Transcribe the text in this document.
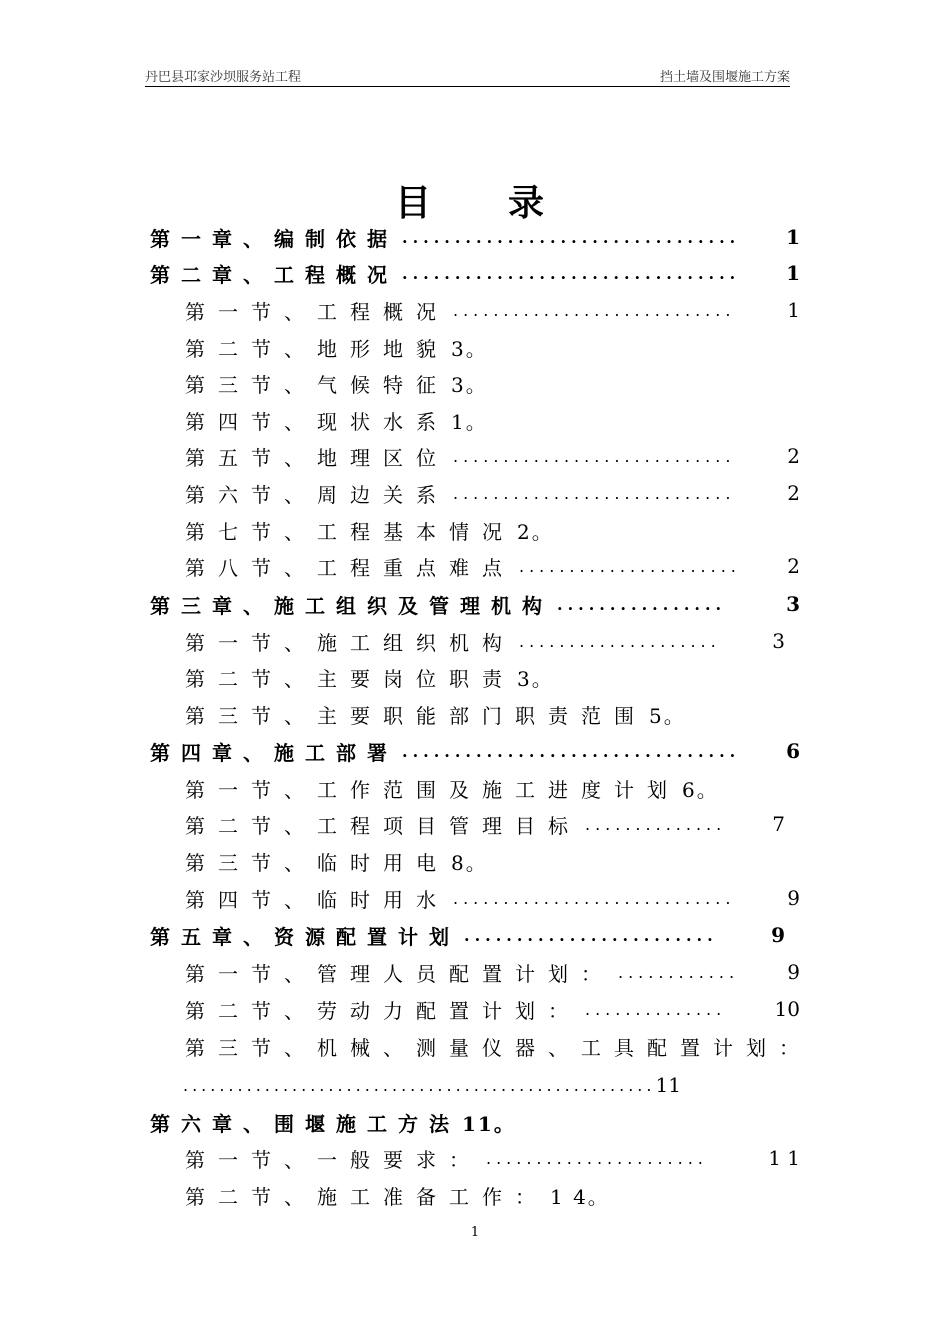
丹巴县邛家沙坝服务站工程	挡土墙及围堰施工方案
目 录
第一章、编制依据 ................................	1
第二章、工程概况 ................................	1
第一节、工程概况 ............................	1
第二节、地形地貌 3。
第三节、气候特征 3。
第四节、现状水系 1。
第五节、地理区位 ............................	2
第六节、周边关系 ............................	2
第七节、工程基本情况 2。
第八节、工程重点难点 ......................	2
第三章、施工组织及管理机构 ................	3
第一节、施工组织机构 ....................	3
第二节、主要岗位职责 3。
第三节、主要职能部门职责范围 5。
第四章、施工部署 ................................	6
第一节、工作范围及施工进度计划 6。
第二节、工程项目管理目标 ..............	7
第三节、临时用电 8。
第四节、临时用水 ............................	9
第五章、资源配置计划 ........................	9
第一节、管理人员配置计划： ............	9
第二节、劳动力配置计划： ..............	10
第三节、机械、测量仪器、工具配置计划：
.................................................... 11
第六章、围堰施工方法 11。
第一节、一般要求： ......................	1 1
第二节、施工准备工作： 1 4。
1
